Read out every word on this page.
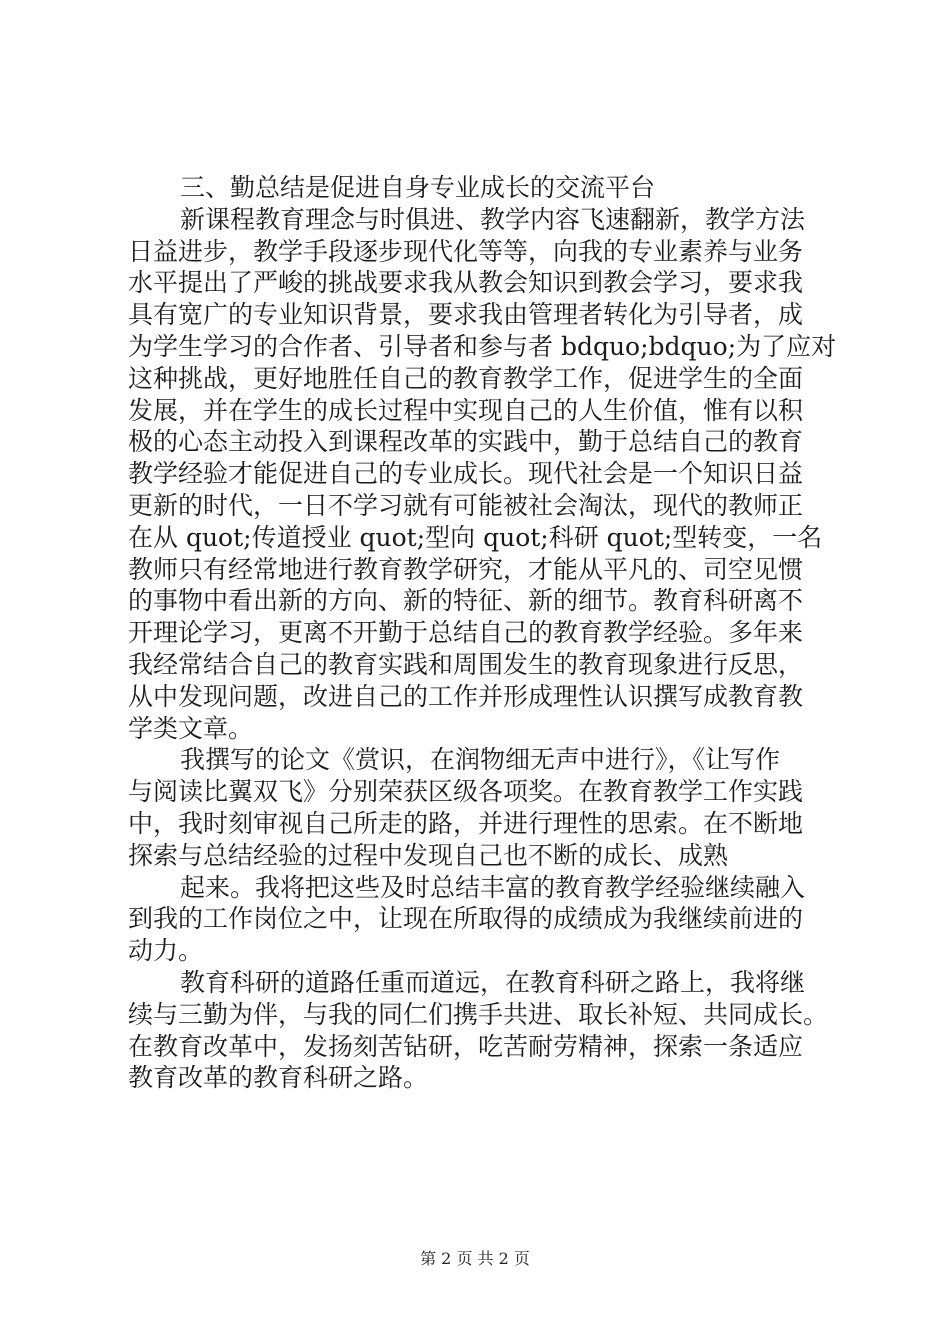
三、勤总结是促进自身专业成长的交流平台
新课程教育理念与时俱进、教学内容飞速翻新，教学方法
日益进步，教学手段逐步现代化等等，向我的专业素养与业务
水平提出了严峻的挑战要求我从教会知识到教会学习，要求我
具有宽广的专业知识背景，要求我由管理者转化为引导者，成
为学生学习的合作者、引导者和参与者 bdquo;bdquo;为了应对
这种挑战，更好地胜任自己的教育教学工作，促进学生的全面
发展，并在学生的成长过程中实现自己的人生价值，惟有以积
极的心态主动投入到课程改革的实践中，勤于总结自己的教育
教学经验才能促进自己的专业成长。现代社会是一个知识日益
更新的时代，一日不学习就有可能被社会淘汰，现代的教师正
在从 quot;传道授业 quot;型向 quot;科研 quot;型转变，一名
教师只有经常地进行教育教学研究，才能从平凡的、司空见惯
的事物中看出新的方向、新的特征、新的细节。教育科研离不
开理论学习，更离不开勤于总结自己的教育教学经验。多年来
我经常结合自己的教育实践和周围发生的教育现象进行反思，
从中发现问题，改进自己的工作并形成理性认识撰写成教育教
学类文章。
我撰写的论文《赏识，在润物细无声中进行》，《让写作
与阅读比翼双飞》分别荣获区级各项奖。在教育教学工作实践
中，我时刻审视自己所走的路，并进行理性的思索。在不断地
探索与总结经验的过程中发现自己也不断的成长、成熟
起来。我将把这些及时总结丰富的教育教学经验继续融入
到我的工作岗位之中，让现在所取得的成绩成为我继续前进的
动力。
教育科研的道路任重而道远，在教育科研之路上，我将继
续与三勤为伴，与我的同仁们携手共进、取长补短、共同成长。
在教育改革中，发扬刻苦钻研，吃苦耐劳精神，探索一条适应
教育改革的教育科研之路。
第 2 页 共 2 页
